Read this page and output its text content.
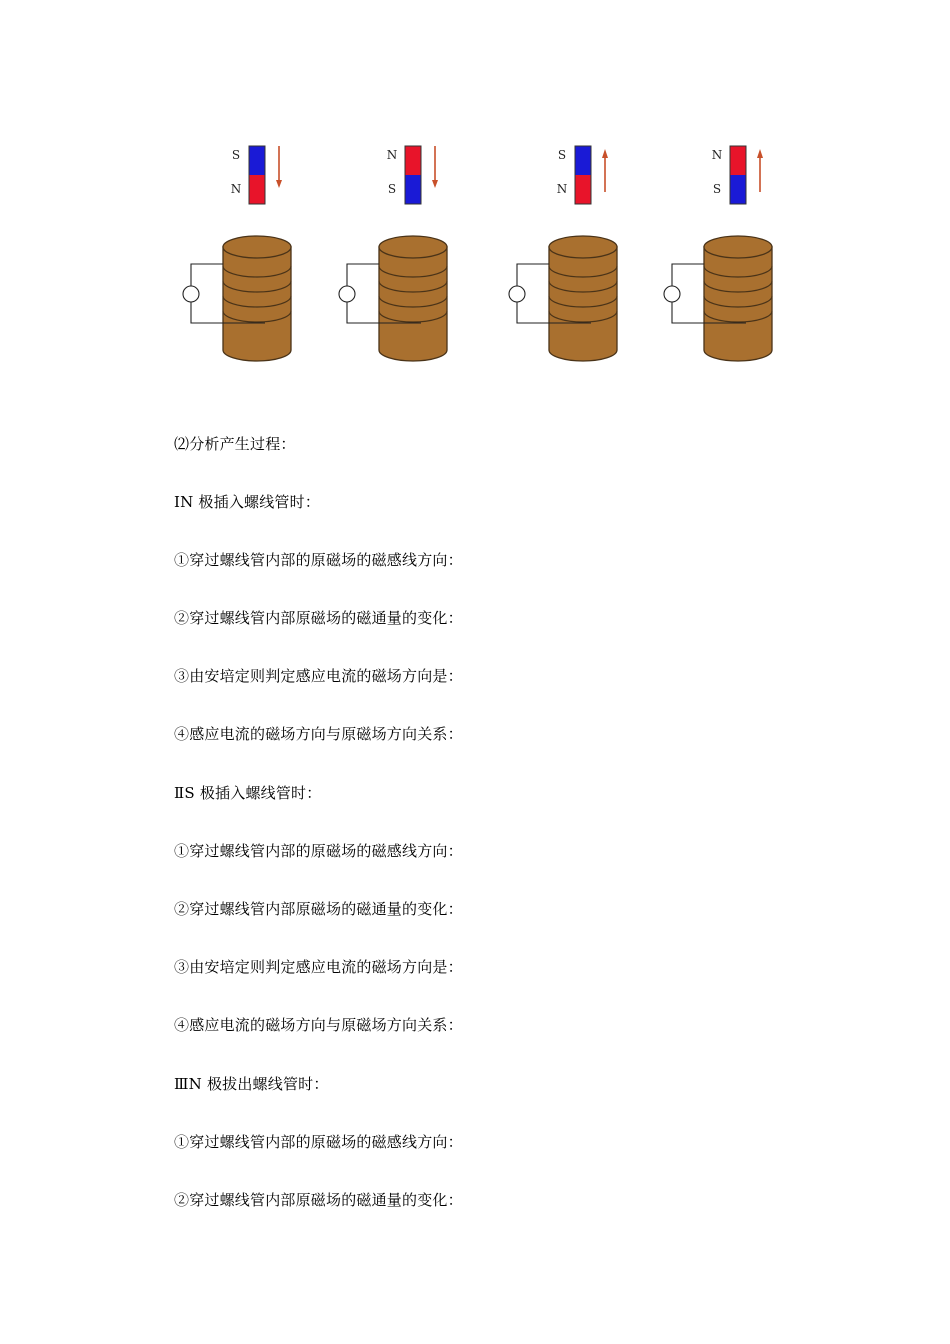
S
N
N
S
S
N
N
S
⑵分析产生过程：
ⅠN 极插入螺线管时：
①穿过螺线管内部的原磁场的磁感线方向：
②穿过螺线管内部原磁场的磁通量的变化：
③由安培定则判定感应电流的磁场方向是：
④感应电流的磁场方向与原磁场方向关系：
ⅡS 极插入螺线管时：
①穿过螺线管内部的原磁场的磁感线方向：
②穿过螺线管内部原磁场的磁通量的变化：
③由安培定则判定感应电流的磁场方向是：
④感应电流的磁场方向与原磁场方向关系：
ⅢN 极拔出螺线管时：
①穿过螺线管内部的原磁场的磁感线方向：
②穿过螺线管内部原磁场的磁通量的变化：
